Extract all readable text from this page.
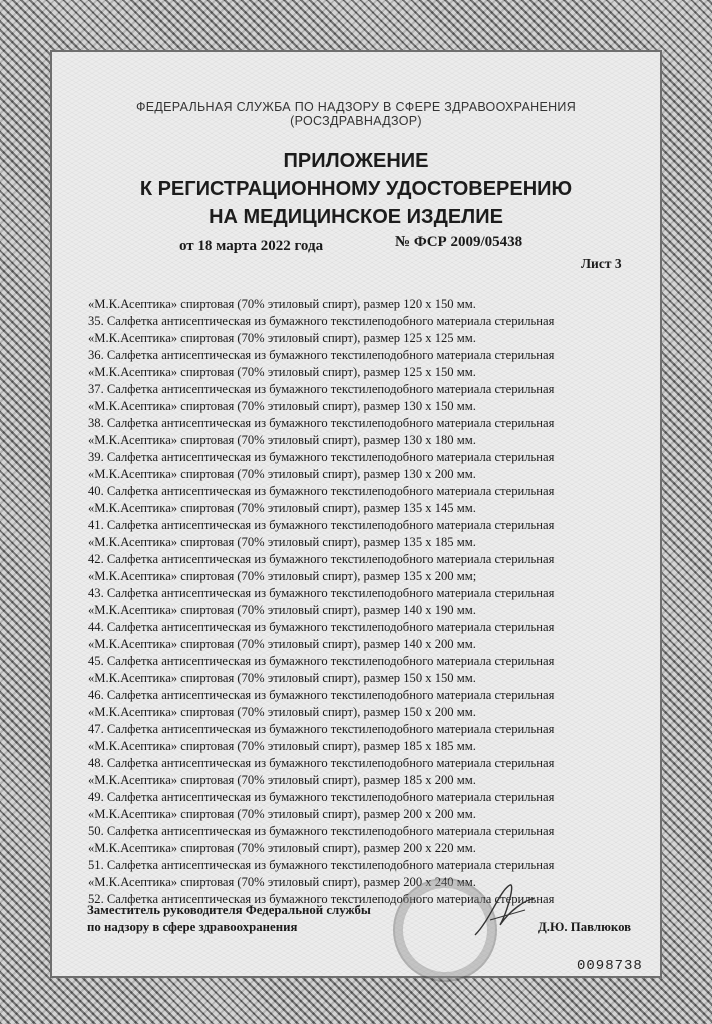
ФЕДЕРАЛЬНАЯ СЛУЖБА ПО НАДЗОРУ В СФЕРЕ ЗДРАВООХРАНЕНИЯ
(РОСЗДРАВНАДЗОР)
ПРИЛОЖЕНИЕ
К РЕГИСТРАЦИОННОМУ УДОСТОВЕРЕНИЮ
НА МЕДИЦИНСКОЕ ИЗДЕЛИЕ
от 18 марта 2022 года	№ ФСР 2009/05438
Лист 3
«М.К.Асептика» спиртовая (70% этиловый спирт), размер 120 х 150 мм.
35. Салфетка антисептическая из бумажного текстилеподобного материала стерильная
«М.К.Асептика» спиртовая (70% этиловый спирт), размер 125 х 125 мм.
36. Салфетка антисептическая из бумажного текстилеподобного материала стерильная
«М.К.Асептика» спиртовая (70% этиловый спирт), размер 125 х 150 мм.
37. Салфетка антисептическая из бумажного текстилеподобного материала стерильная
«М.К.Асептика» спиртовая (70% этиловый спирт), размер 130 х 150 мм.
38. Салфетка антисептическая из бумажного текстилеподобного материала стерильная
«М.К.Асептика» спиртовая (70% этиловый спирт), размер 130 х 180 мм.
39. Салфетка антисептическая из бумажного текстилеподобного материала стерильная
«М.К.Асептика» спиртовая (70% этиловый спирт), размер 130 х 200 мм.
40. Салфетка антисептическая из бумажного текстилеподобного материала стерильная
«М.К.Асептика» спиртовая (70% этиловый спирт), размер 135 х 145 мм.
41. Салфетка антисептическая из бумажного текстилеподобного материала стерильная
«М.К.Асептика» спиртовая (70% этиловый спирт), размер 135 х 185 мм.
42. Салфетка антисептическая из бумажного текстилеподобного материала стерильная
«М.К.Асептика» спиртовая (70% этиловый спирт), размер 135 х 200 мм;
43. Салфетка антисептическая из бумажного текстилеподобного материала стерильная
«М.К.Асептика» спиртовая (70% этиловый спирт), размер 140 х 190 мм.
44. Салфетка антисептическая из бумажного текстилеподобного материала стерильная
«М.К.Асептика» спиртовая (70% этиловый спирт), размер 140 х 200 мм.
45. Салфетка антисептическая из бумажного текстилеподобного материала стерильная
«М.К.Асептика» спиртовая (70% этиловый спирт), размер 150 х 150 мм.
46. Салфетка антисептическая из бумажного текстилеподобного материала стерильная
«М.К.Асептика» спиртовая (70% этиловый спирт), размер 150 х 200 мм.
47. Салфетка антисептическая из бумажного текстилеподобного материала стерильная
«М.К.Асептика» спиртовая (70% этиловый спирт), размер 185 х 185 мм.
48. Салфетка антисептическая из бумажного текстилеподобного материала стерильная
«М.К.Асептика» спиртовая (70% этиловый спирт), размер 185 х 200 мм.
49. Салфетка антисептическая из бумажного текстилеподобного материала стерильная
«М.К.Асептика» спиртовая (70% этиловый спирт), размер 200 х 200 мм.
50. Салфетка антисептическая из бумажного текстилеподобного материала стерильная
«М.К.Асептика» спиртовая (70% этиловый спирт), размер 200 х 220 мм.
51. Салфетка антисептическая из бумажного текстилеподобного материала стерильная
«М.К.Асептика» спиртовая (70% этиловый спирт), размер 200 х 240 мм.
52. Салфетка антисептическая из бумажного текстилеподобного материала стерильная
Заместитель руководителя Федеральной службы
по надзору в сфере здравоохранения	Д.Ю. Павлюков
0098738
